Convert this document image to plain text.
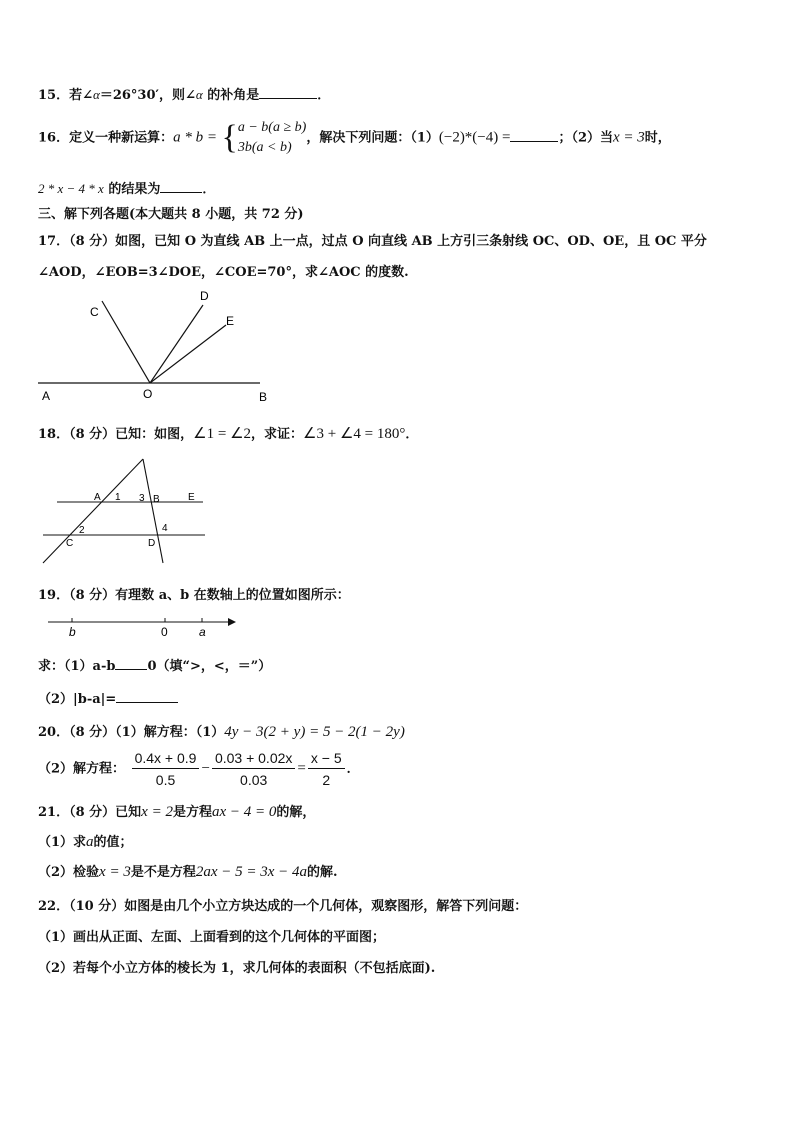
15．若∠α＝26°30′，则∠α 的补角是	．
16．定义一种新运算：a * b = { a − b(a ≥ b)
3b(a < b)
，解决下列问题：（1）(−2)*(−4) =	；（2）当x = 3时，
2 * x − 4 * x 的结果为	．
三、解下列各题(本大题共 8 小题，共 72 分)
17．（8 分）如图，已知 O 为直线 AB 上一点，过点 O 向直线 AB 上方引三条射线 OC、OD、OE，且 OC 平分
∠AOD，∠EOB=3∠DOE，∠COE=70°，求∠AOC 的度数.
A	O	B
C
D
E
18．（8 分）已知：如图，∠1 = ∠2，求证：∠3 + ∠4 = 180°．
A 1 3 B	E
2	4
C	D
19．（8 分）有理数 a、b 在数轴上的位置如图所示：
b	0	a
求：（1）a-b 0（填“>，<，＝”）
（2）|b-a|=
20．（8 分）（1）解方程：（1）4y − 3(2 + y) = 5 − 2(1 − 2y)
（2）解方程： $\frac{0.4x + 0.9}{0.5} - \frac{0.03 + 0.02x}{0.03} = \frac{x - 5}{2}$ ．
21．（8 分）已知x = 2是方程ax − 4 = 0的解，
（1）求a的值；
（2）检验x = 3是不是方程2ax − 5 = 3x − 4a的解.
22．（10 分）如图是由几个小立方块达成的一个几何体，观察图形，解答下列问题：
（1）画出从正面、左面、上面看到的这个几何体的平面图；
（2）若每个小立方体的棱长为 1，求几何体的表面积（不包括底面).
